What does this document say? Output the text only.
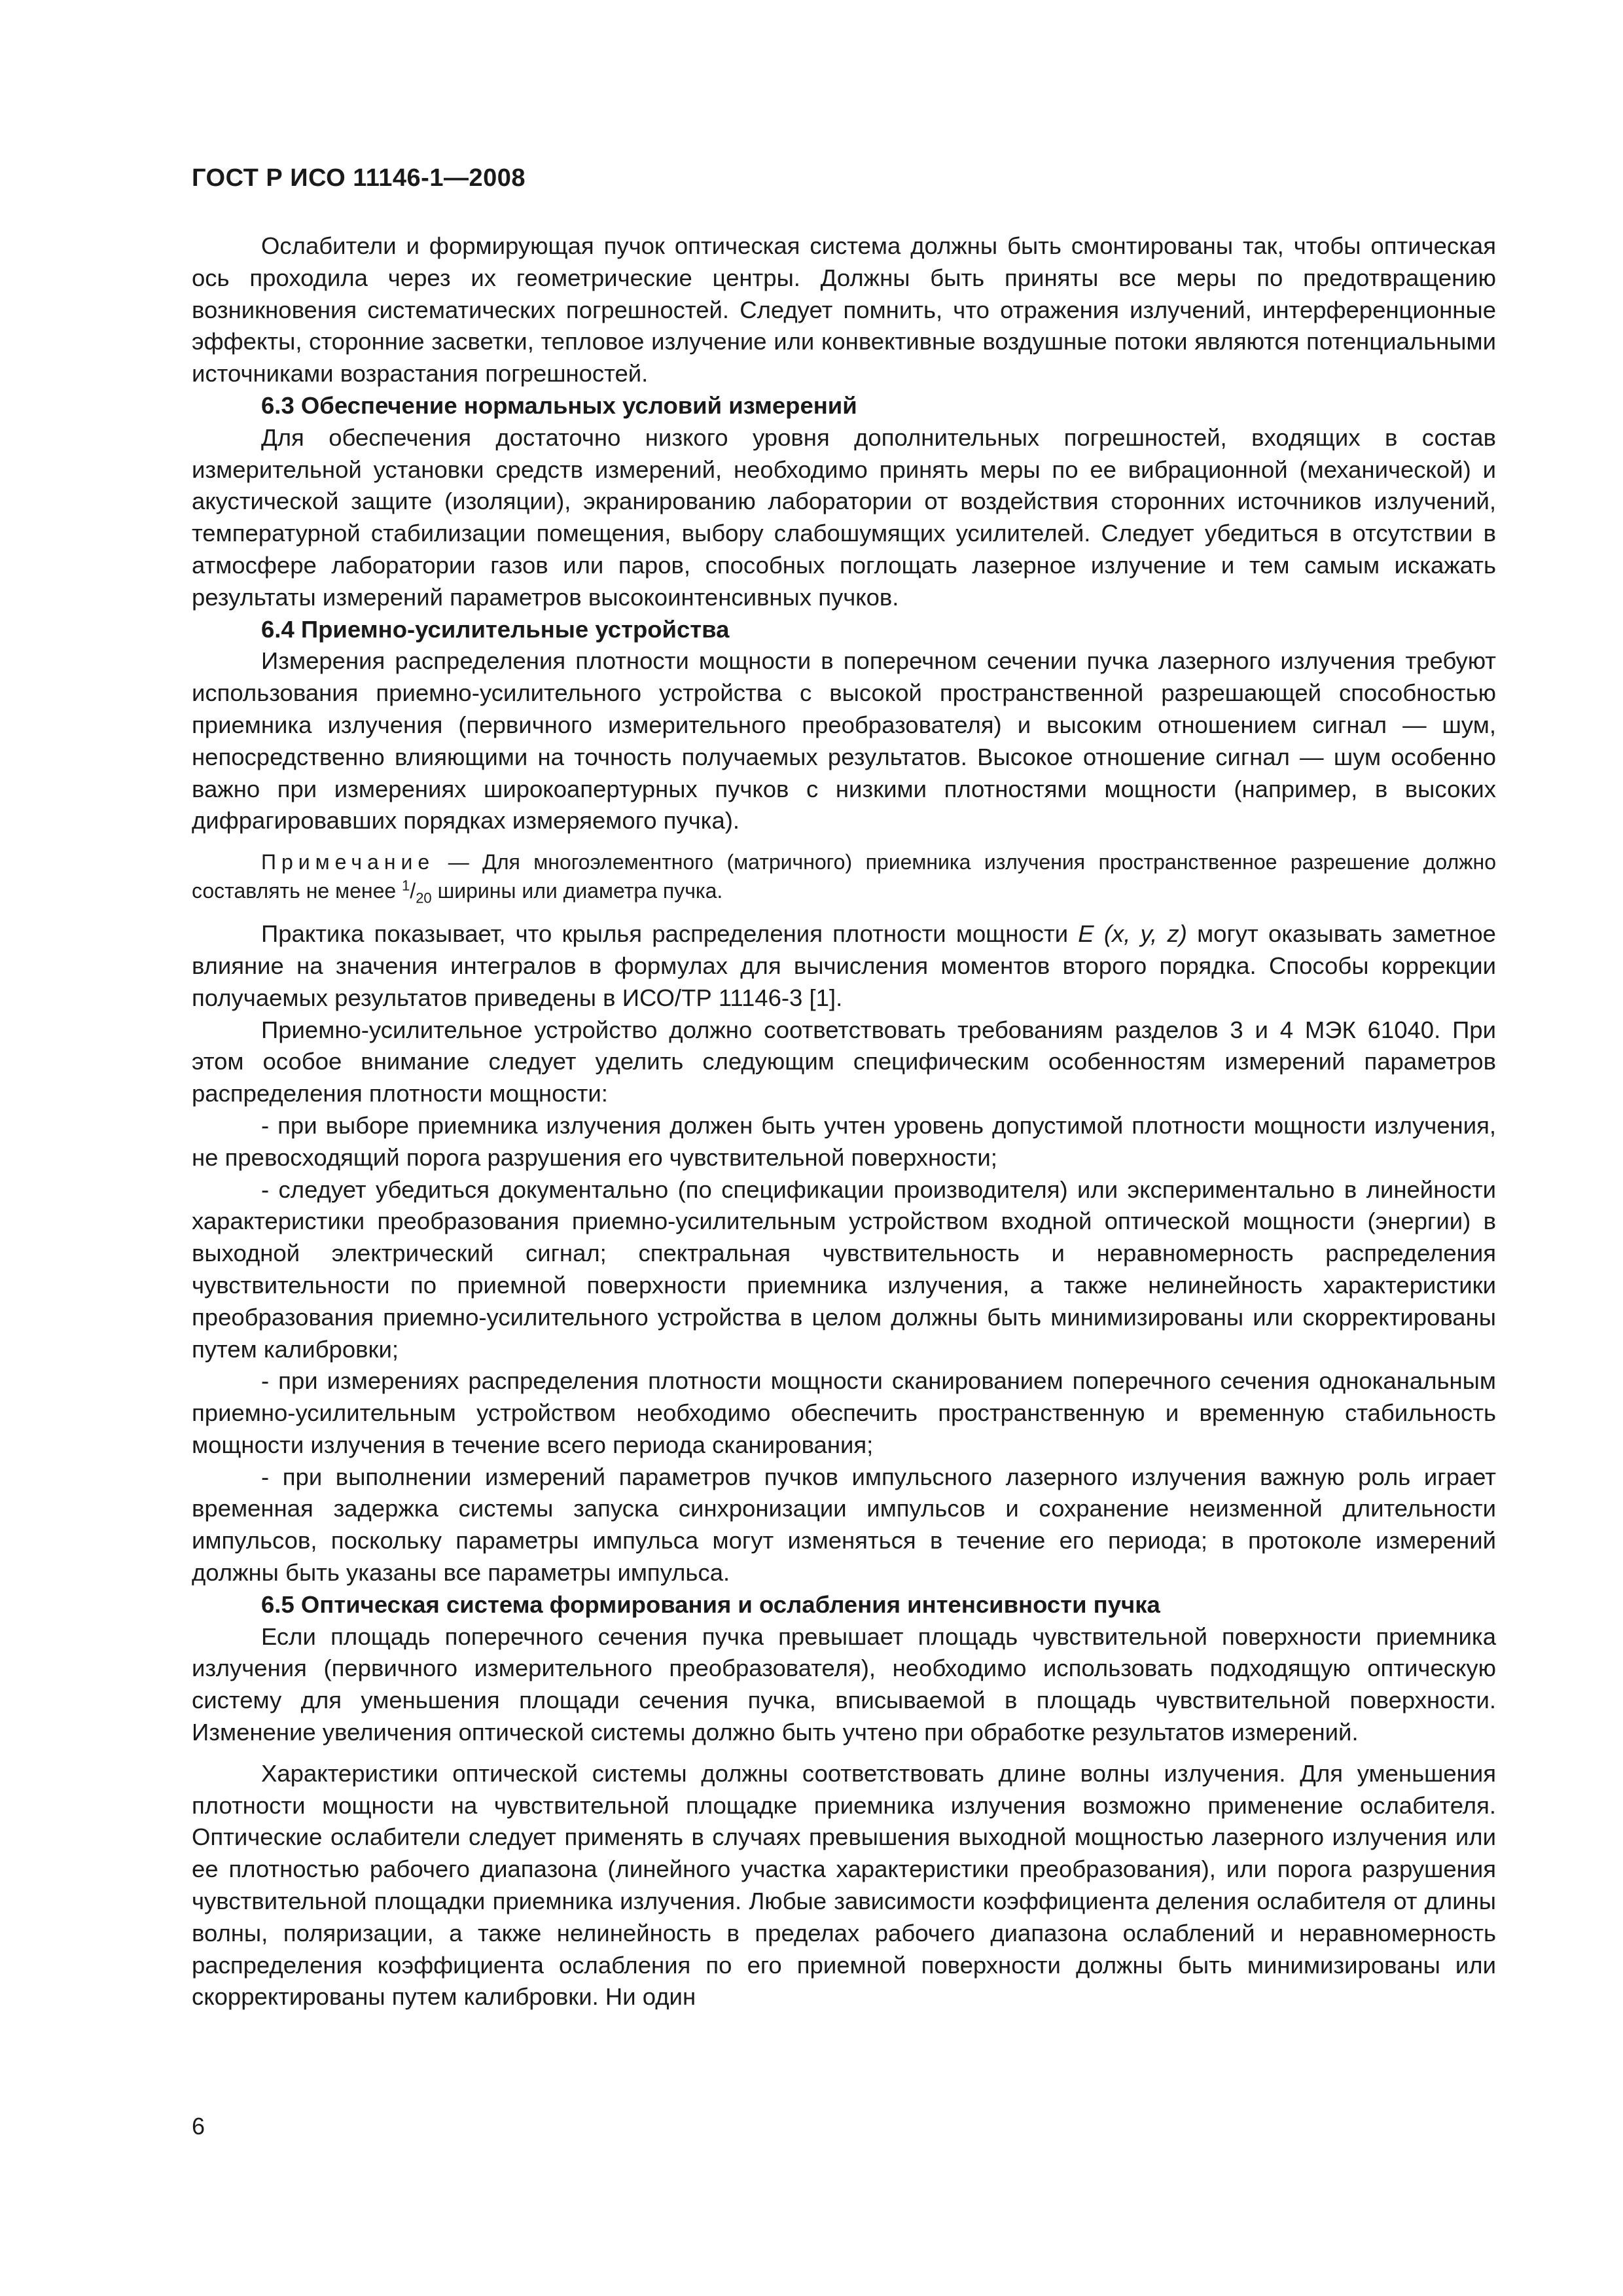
ГОСТ Р ИСО 11146-1—2008

Ослабители и формирующая пучок оптическая система должны быть смонтированы так, чтобы оптическая ось проходила через их геометрические центры. Должны быть приняты все меры по предотвращению возникновения систематических погрешностей. Следует помнить, что отражения излучений, интерференционные эффекты, сторонние засветки, тепловое излучение или конвективные воздушные потоки являются потенциальными источниками возрастания погрешностей.

6.3 Обеспечение нормальных условий измерений

Для обеспечения достаточно низкого уровня дополнительных погрешностей, входящих в состав измерительной установки средств измерений, необходимо принять меры по ее вибрационной (механической) и акустической защите (изоляции), экранированию лаборатории от воздействия сторонних источников излучений, температурной стабилизации помещения, выбору слабошумящих усилителей. Следует убедиться в отсутствии в атмосфере лаборатории газов или паров, способных поглощать лазерное излучение и тем самым искажать результаты измерений параметров высокоинтенсивных пучков.

6.4 Приемно-усилительные устройства

Измерения распределения плотности мощности в поперечном сечении пучка лазерного излучения требуют использования приемно-усилительного устройства с высокой пространственной разрешающей способностью приемника излучения (первичного измерительного преобразователя) и высоким отношением сигнал — шум, непосредственно влияющими на точность получаемых результатов. Высокое отношение сигнал — шум особенно важно при измерениях широкоапертурных пучков с низкими плотностями мощности (например, в высоких дифрагировавших порядках измеряемого пучка).

Примечание — Для многоэлементного (матричного) приемника излучения пространственное разрешение должно составлять не менее $^1/_{20}$ ширины или диаметра пучка.

Практика показывает, что крылья распределения плотности мощности E (x, y, z) могут оказывать заметное влияние на значения интегралов в формулах для вычисления моментов второго порядка. Способы коррекции получаемых результатов приведены в ИСО/ТР 11146-3 [1].

Приемно-усилительное устройство должно соответствовать требованиям разделов 3 и 4 МЭК 61040. При этом особое внимание следует уделить следующим специфическим особенностям измерений параметров распределения плотности мощности:

- при выборе приемника излучения должен быть учтен уровень допустимой плотности мощности излучения, не превосходящий порога разрушения его чувствительной поверхности;

- следует убедиться документально (по спецификации производителя) или экспериментально в линейности характеристики преобразования приемно-усилительным устройством входной оптической мощности (энергии) в выходной электрический сигнал; спектральная чувствительность и неравномерность распределения чувствительности по приемной поверхности приемника излучения, а также нелинейность характеристики преобразования приемно-усилительного устройства в целом должны быть минимизированы или скорректированы путем калибровки;

- при измерениях распределения плотности мощности сканированием поперечного сечения одноканальным приемно-усилительным устройством необходимо обеспечить пространственную и временную стабильность мощности излучения в течение всего периода сканирования;

- при выполнении измерений параметров пучков импульсного лазерного излучения важную роль играет временная задержка системы запуска синхронизации импульсов и сохранение неизменной длительности импульсов, поскольку параметры импульса могут изменяться в течение его периода; в протоколе измерений должны быть указаны все параметры импульса.

6.5 Оптическая система формирования и ослабления интенсивности пучка

Если площадь поперечного сечения пучка превышает площадь чувствительной поверхности приемника излучения (первичного измерительного преобразователя), необходимо использовать подходящую оптическую систему для уменьшения площади сечения пучка, вписываемой в площадь чувствительной поверхности. Изменение увеличения оптической системы должно быть учтено при обработке результатов измерений.

Характеристики оптической системы должны соответствовать длине волны излучения. Для уменьшения плотности мощности на чувствительной площадке приемника излучения возможно применение ослабителя. Оптические ослабители следует применять в случаях превышения выходной мощностью лазерного излучения или ее плотностью рабочего диапазона (линейного участка характеристики преобразования), или порога разрушения чувствительной площадки приемника излучения. Любые зависимости коэффициента деления ослабителя от длины волны, поляризации, а также нелинейность в пределах рабочего диапазона ослаблений и неравномерность распределения коэффициента ослабления по его приемной поверхности должны быть минимизированы или скорректированы путем калибровки. Ни один

6
